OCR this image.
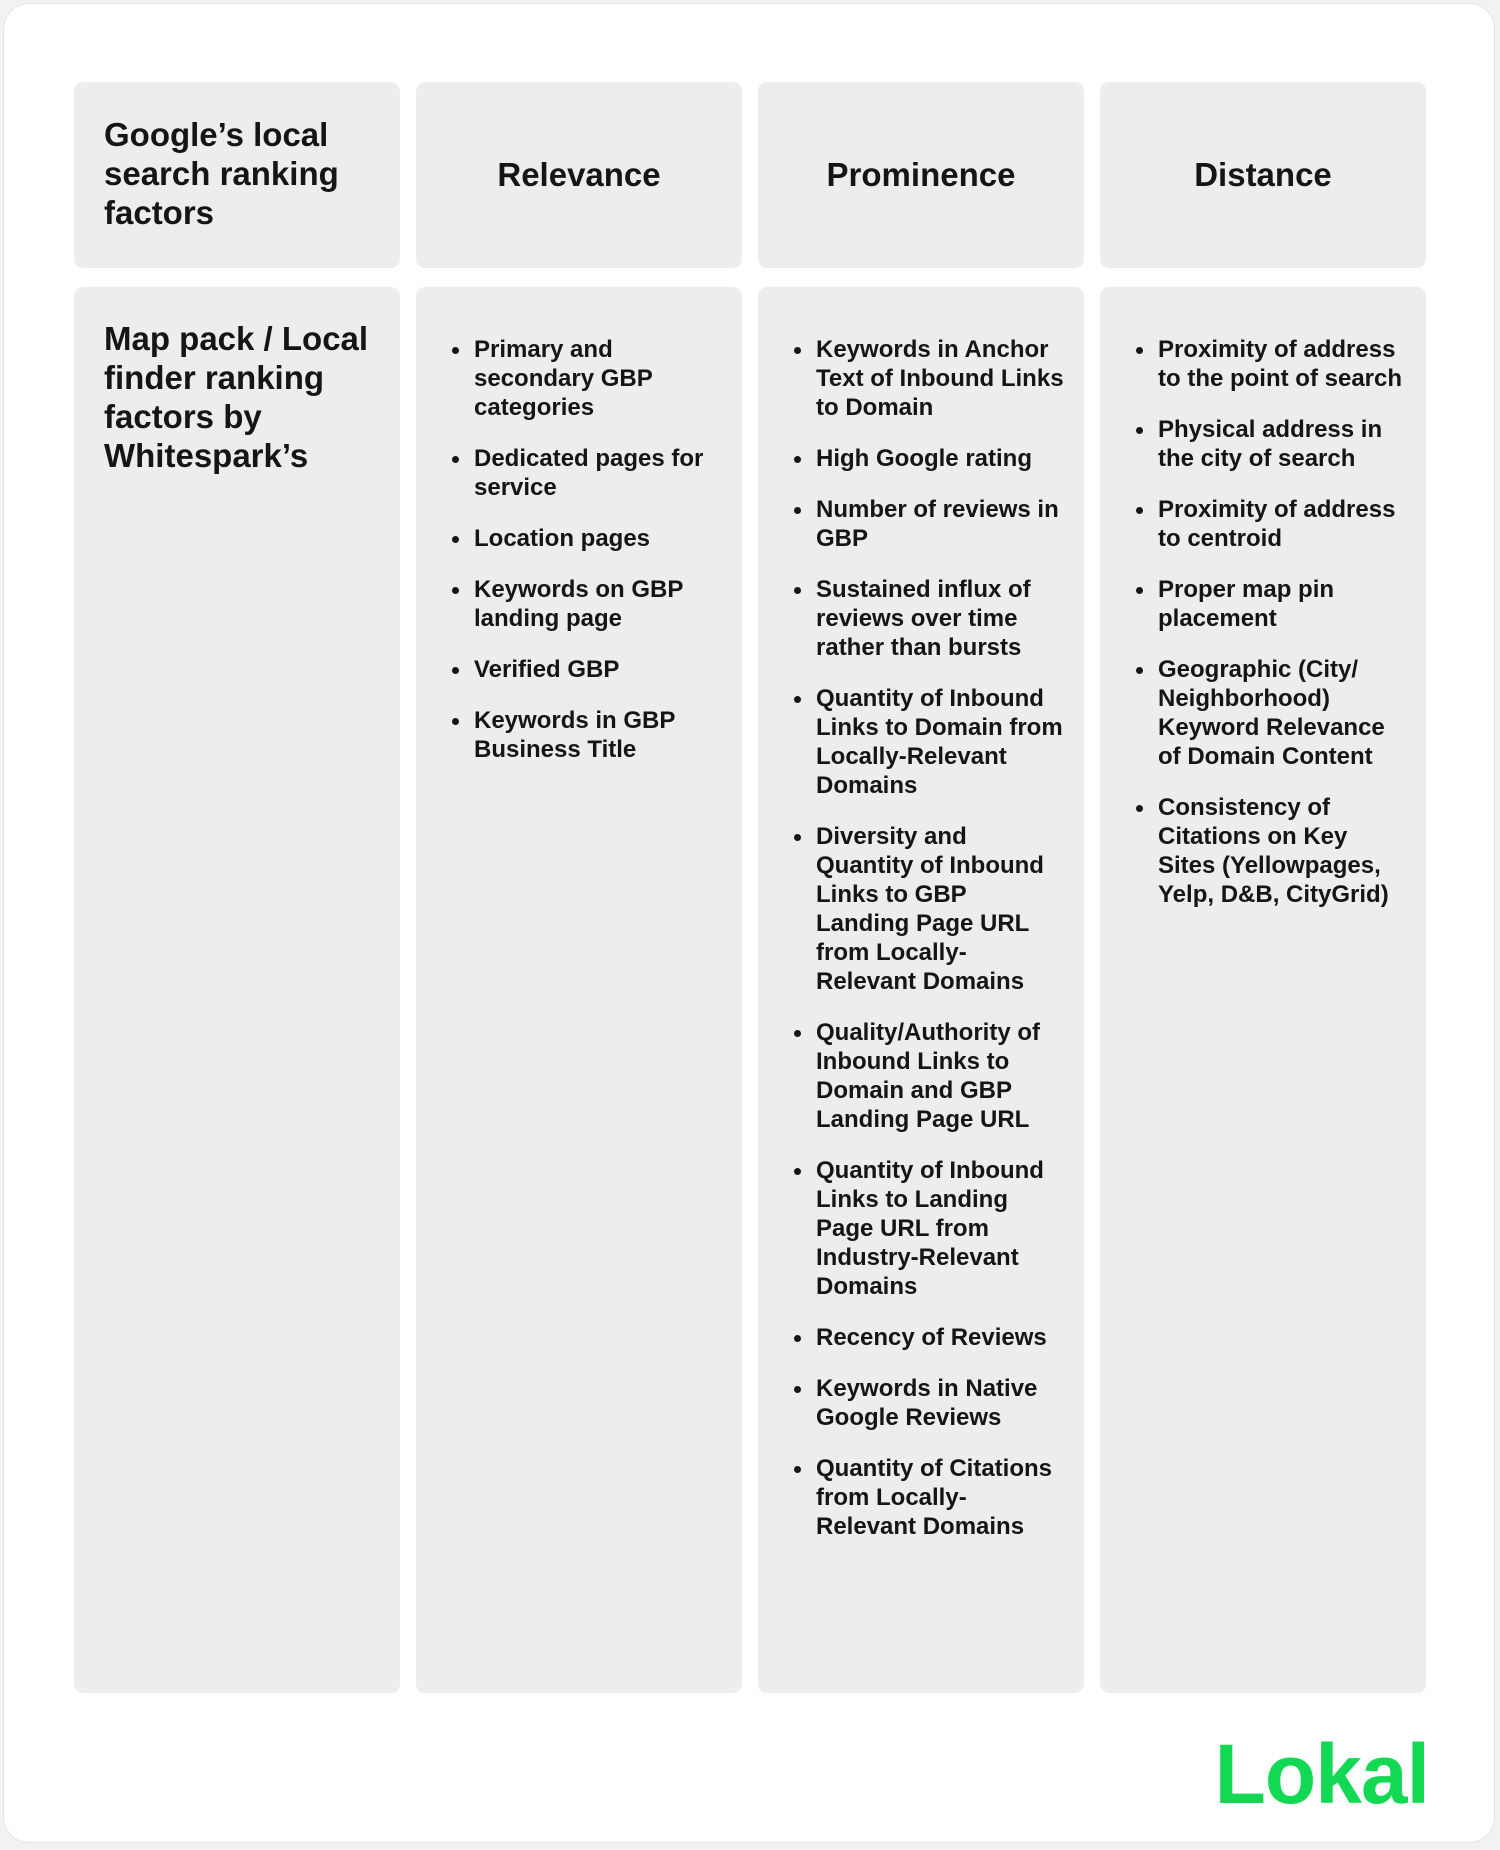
Google’s local search ranking factors
Relevance	Prominence	Distance
Map pack / Local finder ranking factors by Whitespark’s
Primary and secondary GBP categories
Dedicated pages for service
Location pages
Keywords on GBP landing page
Verified GBP
Keywords in GBP Business Title
Keywords in Anchor Text of Inbound Links to Domain
High Google rating
Number of reviews in GBP
Sustained influx of reviews over time rather than bursts
Quantity of Inbound Links to Domain from Locally-Relevant Domains
Diversity and Quantity of Inbound Links to GBP Landing Page URL from Locally-Relevant Domains
Quality/Authority of Inbound Links to Domain and GBP Landing Page URL
Quantity of Inbound Links to Landing Page URL from Industry-Relevant Domains
Recency of Reviews
Keywords in Native Google Reviews
Quantity of Citations from Locally-Relevant Domains
Proximity of address to the point of search
Physical address in the city of search
Proximity of address to centroid
Proper map pin placement
Geographic (City/ Neighborhood) Keyword Relevance of Domain Content
Consistency of Citations on Key Sites (Yellowpages, Yelp, D&B, CityGrid)
Lokal
